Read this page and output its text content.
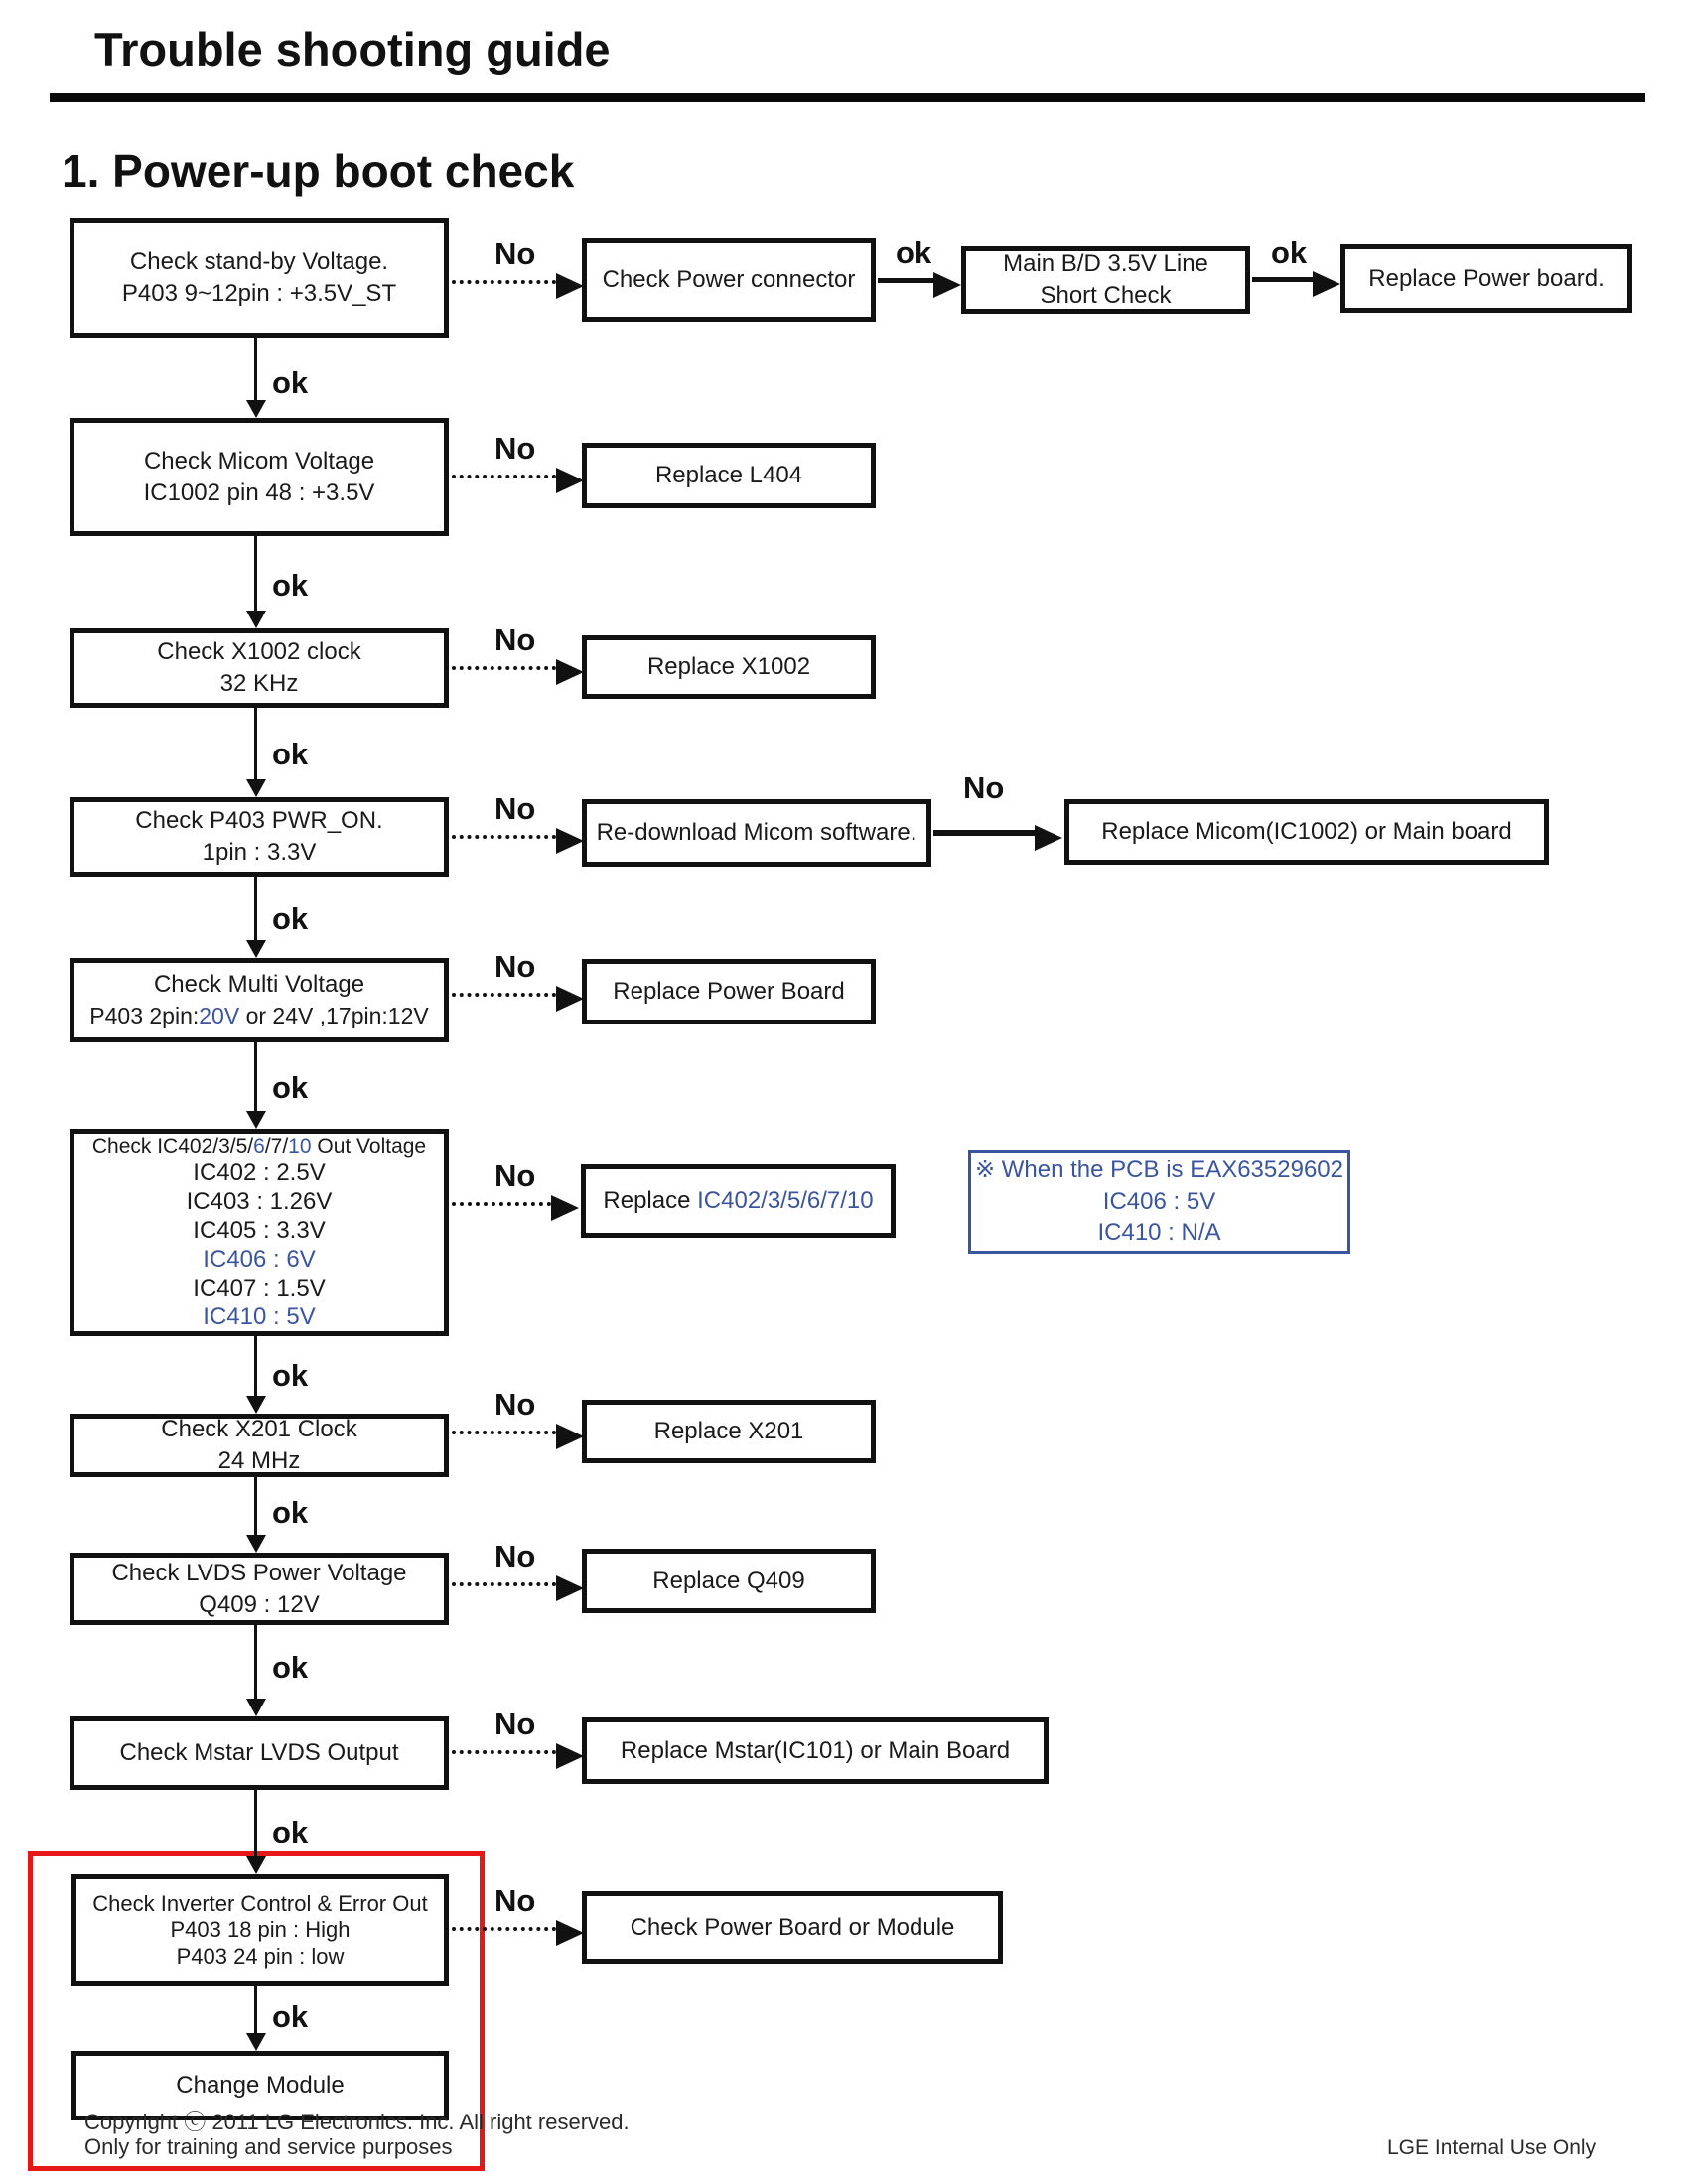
Trouble shooting guide
1. Power-up boot check
Check stand-by Voltage.
P403 9~12pin : +3.5V_ST
Check Micom Voltage
IC1002 pin 48 : +3.5V
Check X1002 clock
32 KHz
Check P403 PWR_ON.
1pin : 3.3V
Check Multi Voltage
P403 2pin:20V or 24V ,17pin:12V
Check IC402/3/5/6/7/10 Out Voltage
IC402 : 2.5V
IC403 : 1.26V
IC405 : 3.3V
IC406 : 6V
IC407 : 1.5V
IC410 : 5V
Check X201 Clock
24 MHz
Check LVDS Power Voltage
Q409 : 12V
Check Mstar LVDS Output
Check Inverter Control & Error Out
P403 18 pin : High
P403 24 pin : low
Change Module
Check Power connector
Main B/D 3.5V Line
Short Check
Replace Power board.
Replace L404
Replace X1002
Re-download Micom software.	Replace Micom(IC1002) or Main board
Replace Power Board
Replace IC402/3/5/6/7/10
※ When the PCB is EAX63529602
IC406 : 5V
IC410 : N/A
Replace X201
Replace Q409
Replace Mstar(IC101) or Main Board
Check Power Board or Module
No
No
No
No
No
No
No
No
No
No
No
ok	ok
ok
ok
ok
ok
ok
ok
ok
ok
ok
ok
Copyright ⓒ 2011 LG Electronics. Inc. All right reserved.
Only for training and service purposes	LGE Internal Use Only
